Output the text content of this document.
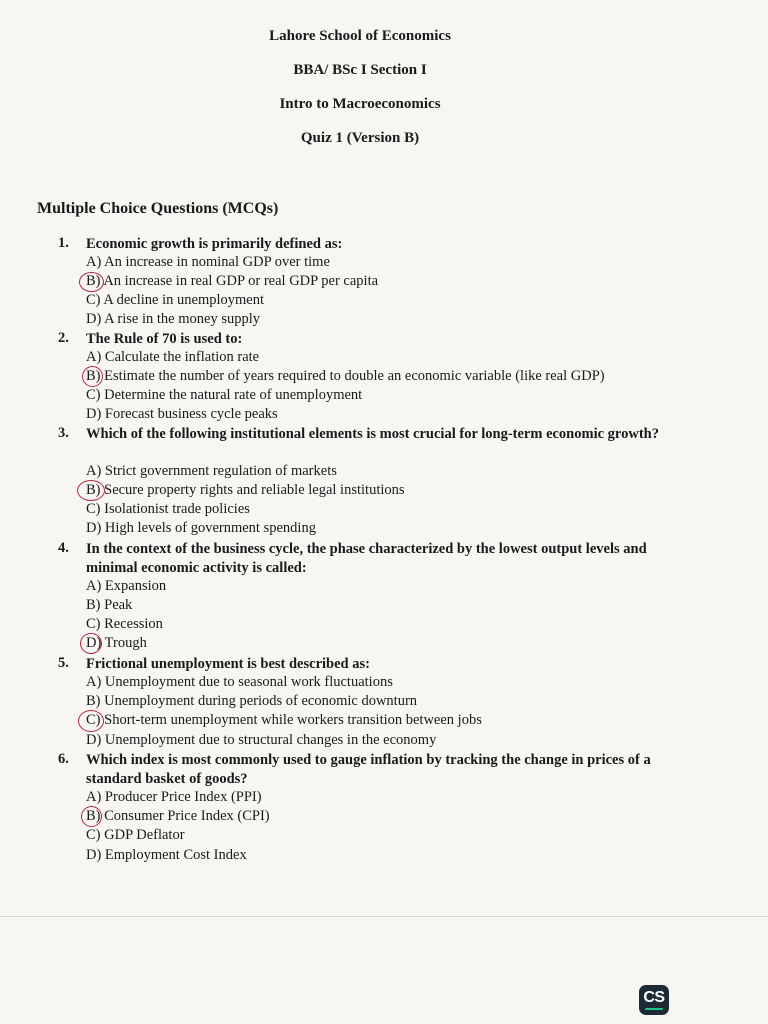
Lahore School of Economics
BBA/ BSc I Section I
Intro to Macroeconomics
Quiz 1 (Version B)
Multiple Choice Questions (MCQs)
1. Economic growth is primarily defined as:
A) An increase in nominal GDP over time
B) An increase in real GDP or real GDP per capita
C) A decline in unemployment
D) A rise in the money supply
2. The Rule of 70 is used to:
A) Calculate the inflation rate
B) Estimate the number of years required to double an economic variable (like real GDP)
C) Determine the natural rate of unemployment
D) Forecast business cycle peaks
3. Which of the following institutional elements is most crucial for long-term economic growth?
A) Strict government regulation of markets
B) Secure property rights and reliable legal institutions
C) Isolationist trade policies
D) High levels of government spending
4. In the context of the business cycle, the phase characterized by the lowest output levels and minimal economic activity is called:
A) Expansion
B) Peak
C) Recession
D) Trough
5. Frictional unemployment is best described as:
A) Unemployment due to seasonal work fluctuations
B) Unemployment during periods of economic downturn
C) Short-term unemployment while workers transition between jobs
D) Unemployment due to structural changes in the economy
6. Which index is most commonly used to gauge inflation by tracking the change in prices of a standard basket of goods?
A) Producer Price Index (PPI)
B) Consumer Price Index (CPI)
C) GDP Deflator
D) Employment Cost Index
CS
